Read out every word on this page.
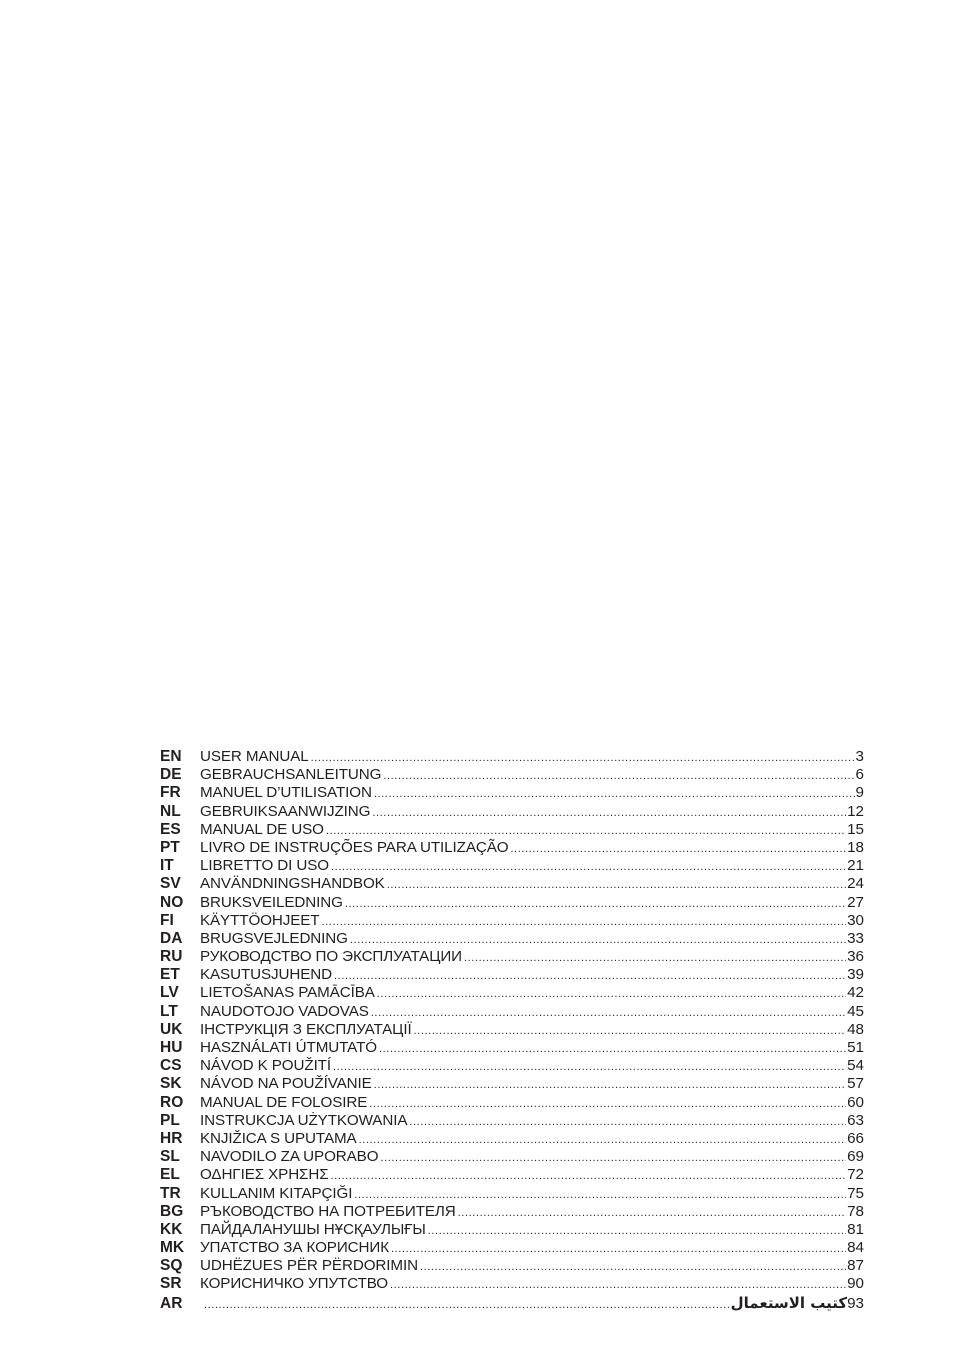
EN	USER MANUAL .....	3
DE	GEBRAUCHSANLEITUNG .....	6
FR	MANUEL D’UTILISATION .....	9
NL	GEBRUIKSAANWIJZING .....	12
ES	MANUAL DE USO .....	15
PT	LIVRO DE INSTRUÇÕES PARA UTILIZAÇÃO .....	18
IT	LIBRETTO DI USO .....	21
SV	ANVÄNDNINGSHANDBOK .....	24
NO	BRUKSVEILEDNING .....	27
FI	KÄYTTÖOHJEET .....	30
DA	BRUGSVEJLEDNING .....	33
RU	РУКОВОДСТВО ПО ЭКСПЛУАТАЦИИ .....	36
ET	KASUTUSJUHEND .....	39
LV	LIETOŠANAS PAMĀCĪBA .....	42
LT	NAUDOTOJO VADOVAS .....	45
UK	ІНСТРУКЦІЯ З ЕКСПЛУАТАЦІЇ .....	48
HU	HASZNÁLATI ÚTMUTATÓ .....	51
CS	NÁVOD K POUŽITÍ .....	54
SK	NÁVOD NA POUŽÍVANIE .....	57
RO	MANUAL DE FOLOSIRE .....	60
PL	INSTRUKCJA UŻYTKOWANIA .....	63
HR	KNJIŽICA S UPUTAMA .....	66
SL	NAVODILO ZA UPORABO .....	69
EL	ΟΔΗΓΙΕΣ ΧΡΗΣΗΣ .....	72
TR	KULLANIM KITAPÇIĞI .....	75
BG	РЪКОВОДСТВО НА ПОТРЕБИТЕЛЯ .....	78
KK	ПАЙДАЛАНУШЫ НҰСҚАУЛЫҒЫ .....	81
MK	УПАТСТВО ЗА КОРИСНИК .....	84
SQ	UDHËZUES PËR PËRDORIMIN .....	87
SR	КОРИСНИЧКО УПУТСТВО .....	90
AR	كتيب الاستعمال ..... 93
